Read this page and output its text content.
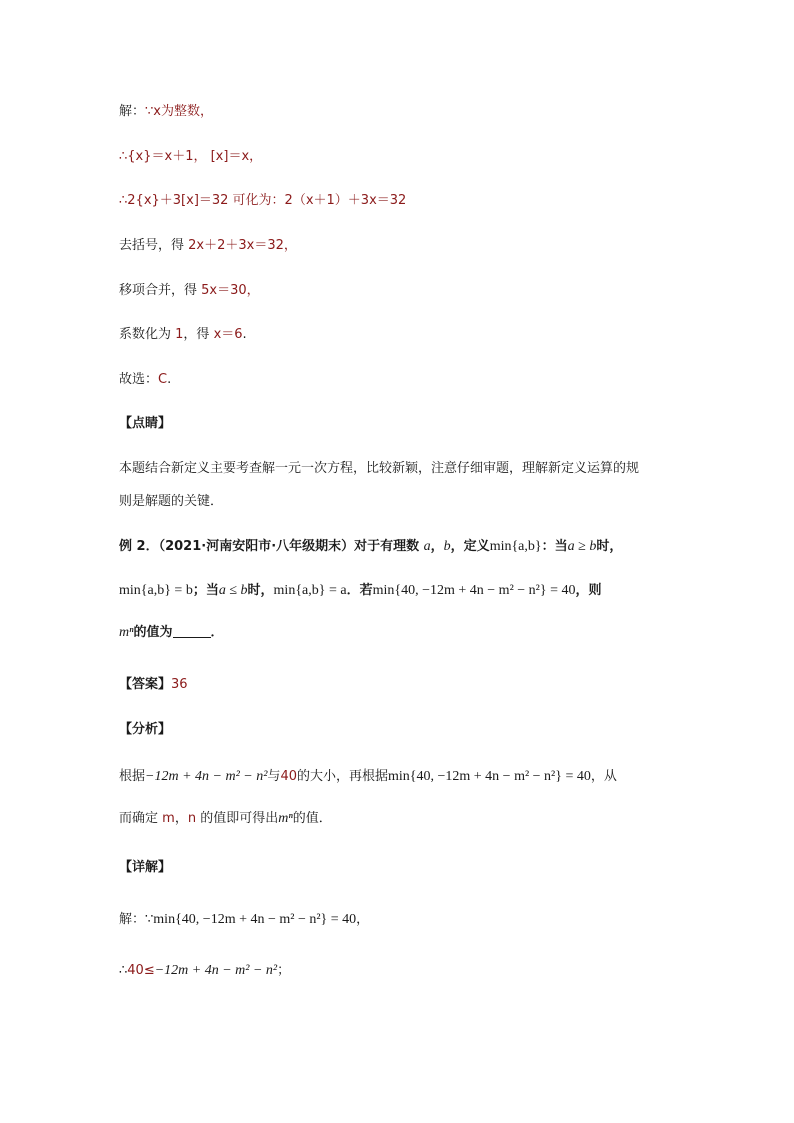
解：∵x为整数，
∴{x}＝x＋1， [x]＝x，
∴2{x}＋3[x]＝32 可化为：2（x＋1）＋3x＝32
去括号，得 2x＋2＋3x＝32，
移项合并，得 5x＝30，
系数化为 1，得 x＝6.
故选：C.
【点睛】
本题结合新定义主要考查解一元一次方程，比较新颖，注意仔细审题，理解新定义运算的规
则是解题的关键．
例 2．（2021·河南安阳市·八年级期末）对于有理数 a，b，定义min{a,b}：当a ≥ b时，
min{a,b} = b；当a ≤ b时，min{a,b} = a．若min{40, −12m + 4n − m² − n²} = 40，则
mⁿ的值为	．
【答案】36
【分析】
根据−12m + 4n − m² − n²与40的大小，再根据min{40, −12m + 4n − m² − n²} = 40，从
而确定 m，n 的值即可得出mⁿ的值．
【详解】
解：∵min{40, −12m + 4n − m² − n²} = 40，
∴40≤−12m + 4n − m² − n²；
